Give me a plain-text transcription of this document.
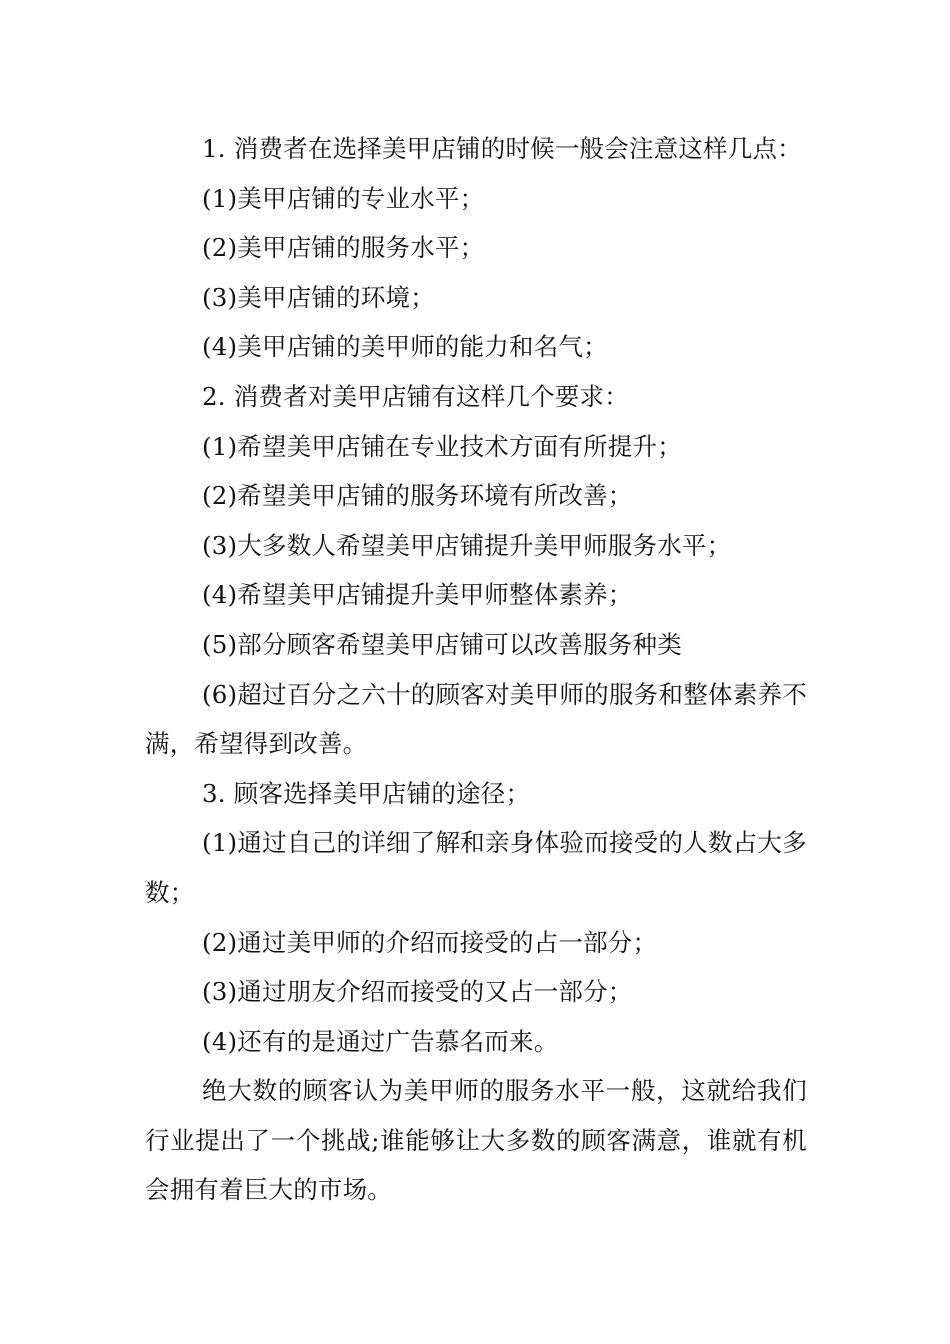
1. 消费者在选择美甲店铺的时候一般会注意这样几点：

(1)美甲店铺的专业水平；

(2)美甲店铺的服务水平；

(3)美甲店铺的环境；

(4)美甲店铺的美甲师的能力和名气；

2. 消费者对美甲店铺有这样几个要求：

(1)希望美甲店铺在专业技术方面有所提升；

(2)希望美甲店铺的服务环境有所改善；

(3)大多数人希望美甲店铺提升美甲师服务水平；

(4)希望美甲店铺提升美甲师整体素养；

(5)部分顾客希望美甲店铺可以改善服务种类

(6)超过百分之六十的顾客对美甲师的服务和整体素养不满，希望得到改善。

3. 顾客选择美甲店铺的途径；

(1)通过自己的详细了解和亲身体验而接受的人数占大多数；

(2)通过美甲师的介绍而接受的占一部分；

(3)通过朋友介绍而接受的又占一部分；

(4)还有的是通过广告慕名而来。

绝大数的顾客认为美甲师的服务水平一般，这就给我们行业提出了一个挑战;谁能够让大多数的顾客满意，谁就有机会拥有着巨大的市场。
